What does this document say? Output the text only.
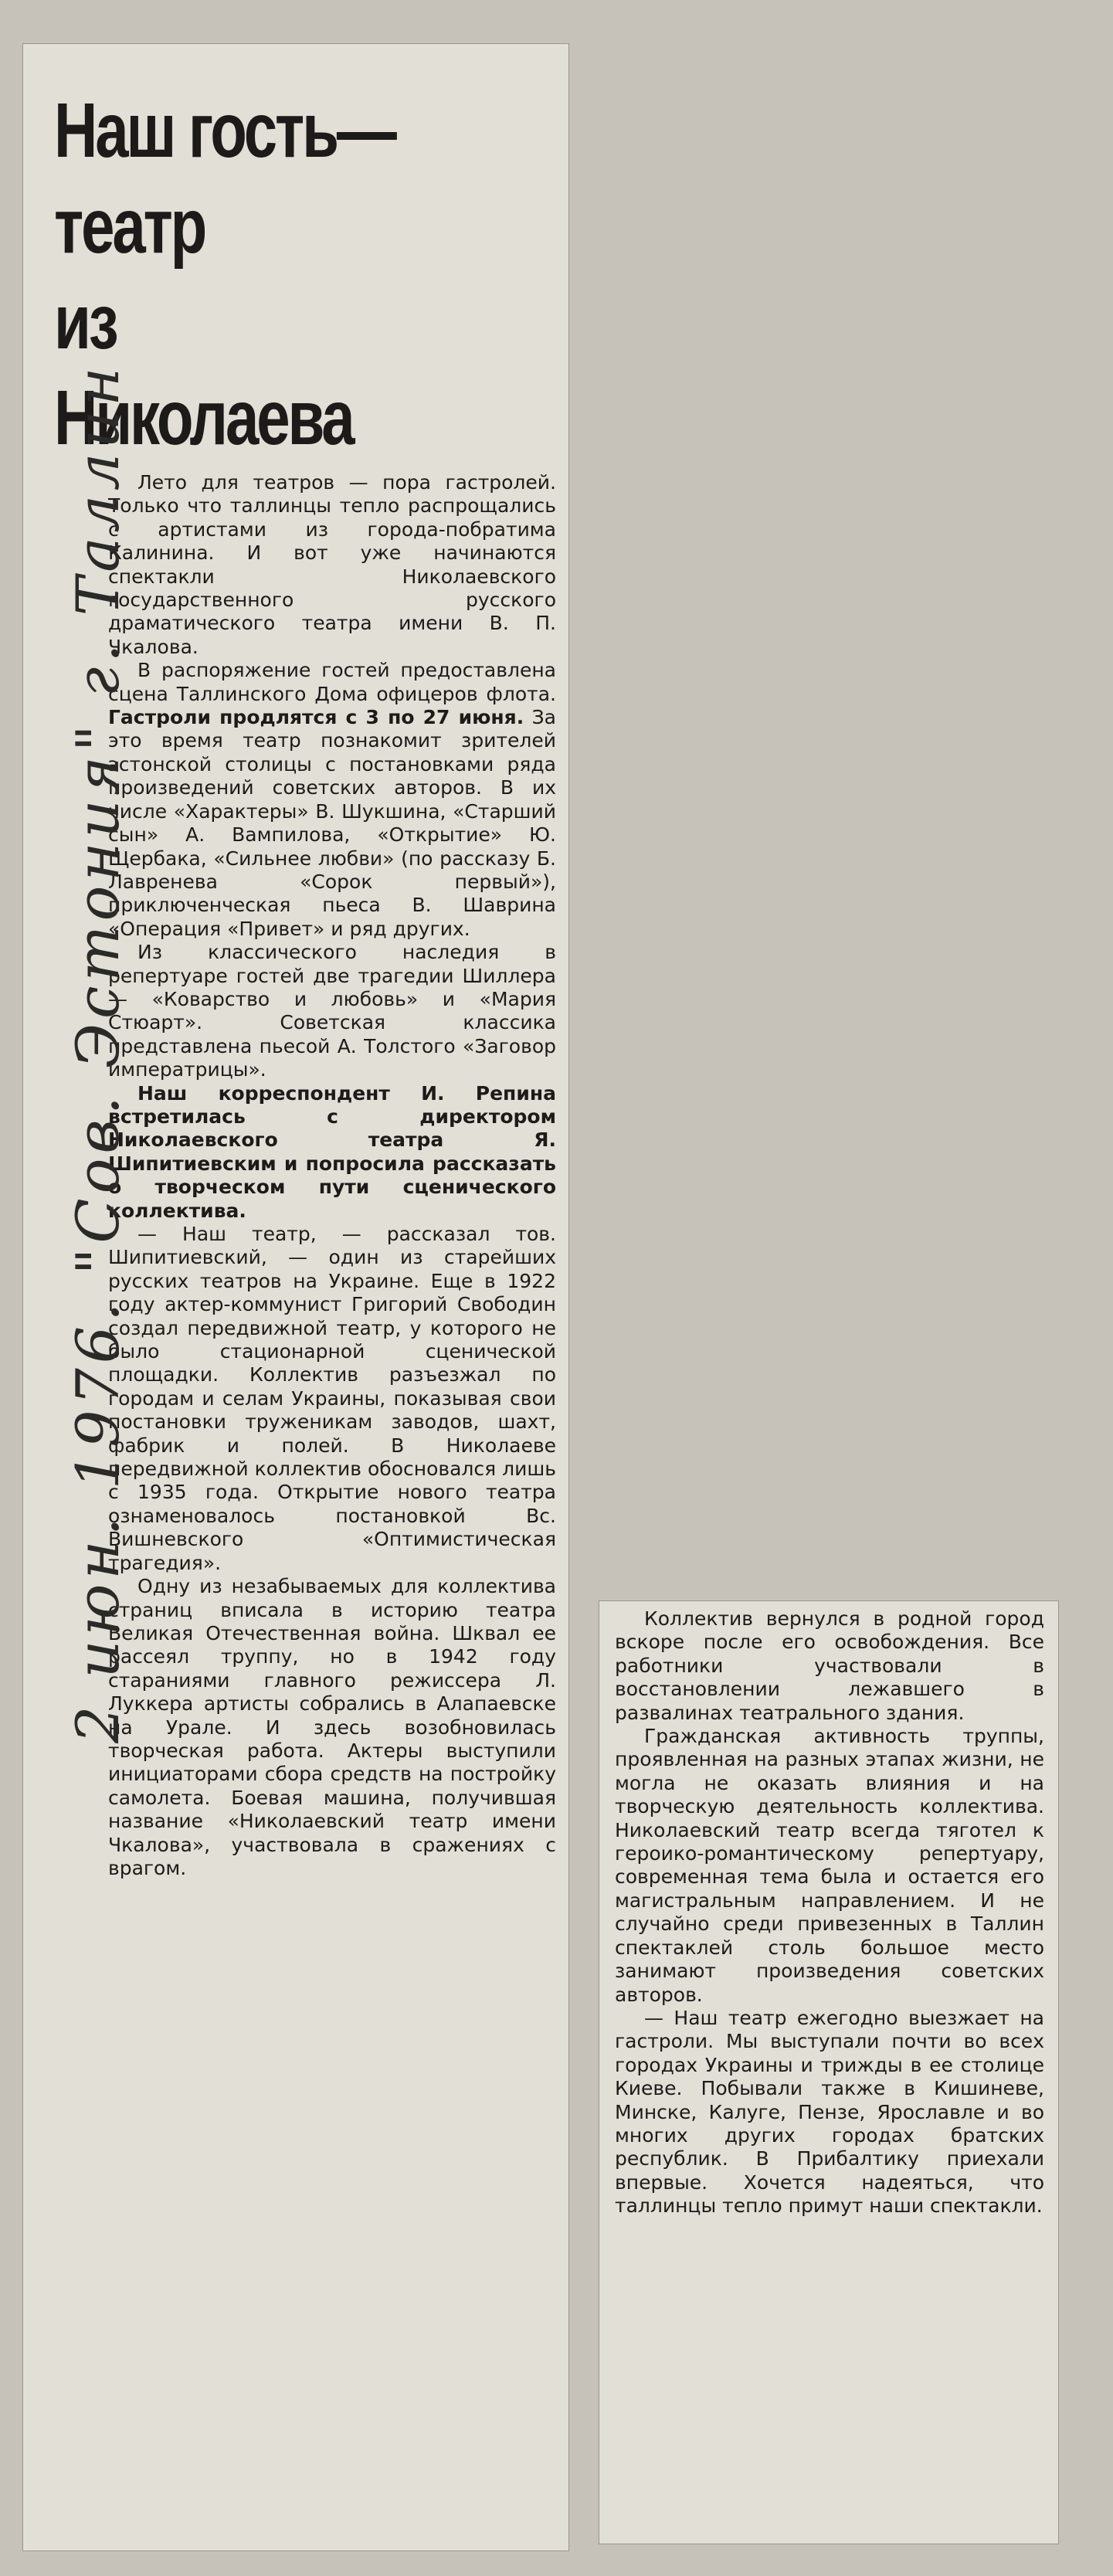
Наш гость—
театр
из
Николаева

Лето для театров — пора гастролей. Только что таллинцы тепло распрощались с артистами из города-побратима Калинина. И вот уже начинаются спектакли Николаевского государственного русского драматического театра имени В. П. Чкалова.

В распоряжение гостей предоставлена сцена Таллинского Дома офицеров флота. Гастроли продлятся с 3 по 27 июня. За это время театр познакомит зрителей эстонской столицы с постановками ряда произведений советских авторов. В их числе «Характеры» В. Шукшина, «Старший сын» А. Вампилова, «Открытие» Ю. Щербака, «Сильнее любви» (по рассказу Б. Лавренева «Сорок первый»), приключенческая пьеса В. Шаврина «Операция «Привет» и ряд других.

Из классического наследия в репертуаре гостей две трагедии Шиллера — «Коварство и любовь» и «Мария Стюарт». Советская классика представлена пьесой А. Толстого «Заговор императрицы».

Наш корреспондент И. Репина встретилась с директором Николаевского театра Я. Шипитиевским и попросила рассказать о творческом пути сценического коллектива.

— Наш театр, — рассказал тов. Шипитиевский, — один из старейших русских театров на Украине. Еще в 1922 году актер-коммунист Григорий Свободин создал передвижной театр, у которого не было стационарной сценической площадки. Коллектив разъезжал по городам и селам Украины, показывая свои постановки труженикам заводов, шахт, фабрик и полей. В Николаеве передвижной коллектив обосновался лишь с 1935 года. Открытие нового театра ознаменовалось постановкой Вс. Вишневского «Оптимистическая трагедия».

Одну из незабываемых для коллектива страниц вписала в историю театра Великая Отечественная война. Шквал ее рассеял труппу, но в 1942 году стараниями главного режиссера Л. Луккера артисты собрались в Алапаевске на Урале. И здесь возобновилась творческая работа. Актеры выступили инициаторами сбора средств на постройку самолета. Боевая машина, получившая название «Николаевский театр имени Чкалова», участвовала в сражениях с врагом.

2 июн. 1976. "Сов. Эстония" г. Таллин	Коллектив вернулся в родной город вскоре после его освобождения. Все работники участвовали в восстановлении лежавшего в развалинах театрального здания.

Гражданская активность труппы, проявленная на разных этапах жизни, не могла не оказать влияния и на творческую деятельность коллектива. Николаевский театр всегда тяготел к героико-романтическому репертуару, современная тема была и остается его магистральным направлением. И не случайно среди привезенных в Таллин спектаклей столь большое место занимают произведения советских авторов.

— Наш театр ежегодно выезжает на гастроли. Мы выступали почти во всех городах Украины и трижды в ее столице Киеве. Побывали также в Кишиневе, Минске, Калуге, Пензе, Ярославле и во многих других городах братских республик. В Прибалтику приехали впервые. Хочется надеяться, что таллинцы тепло примут наши спектакли.
